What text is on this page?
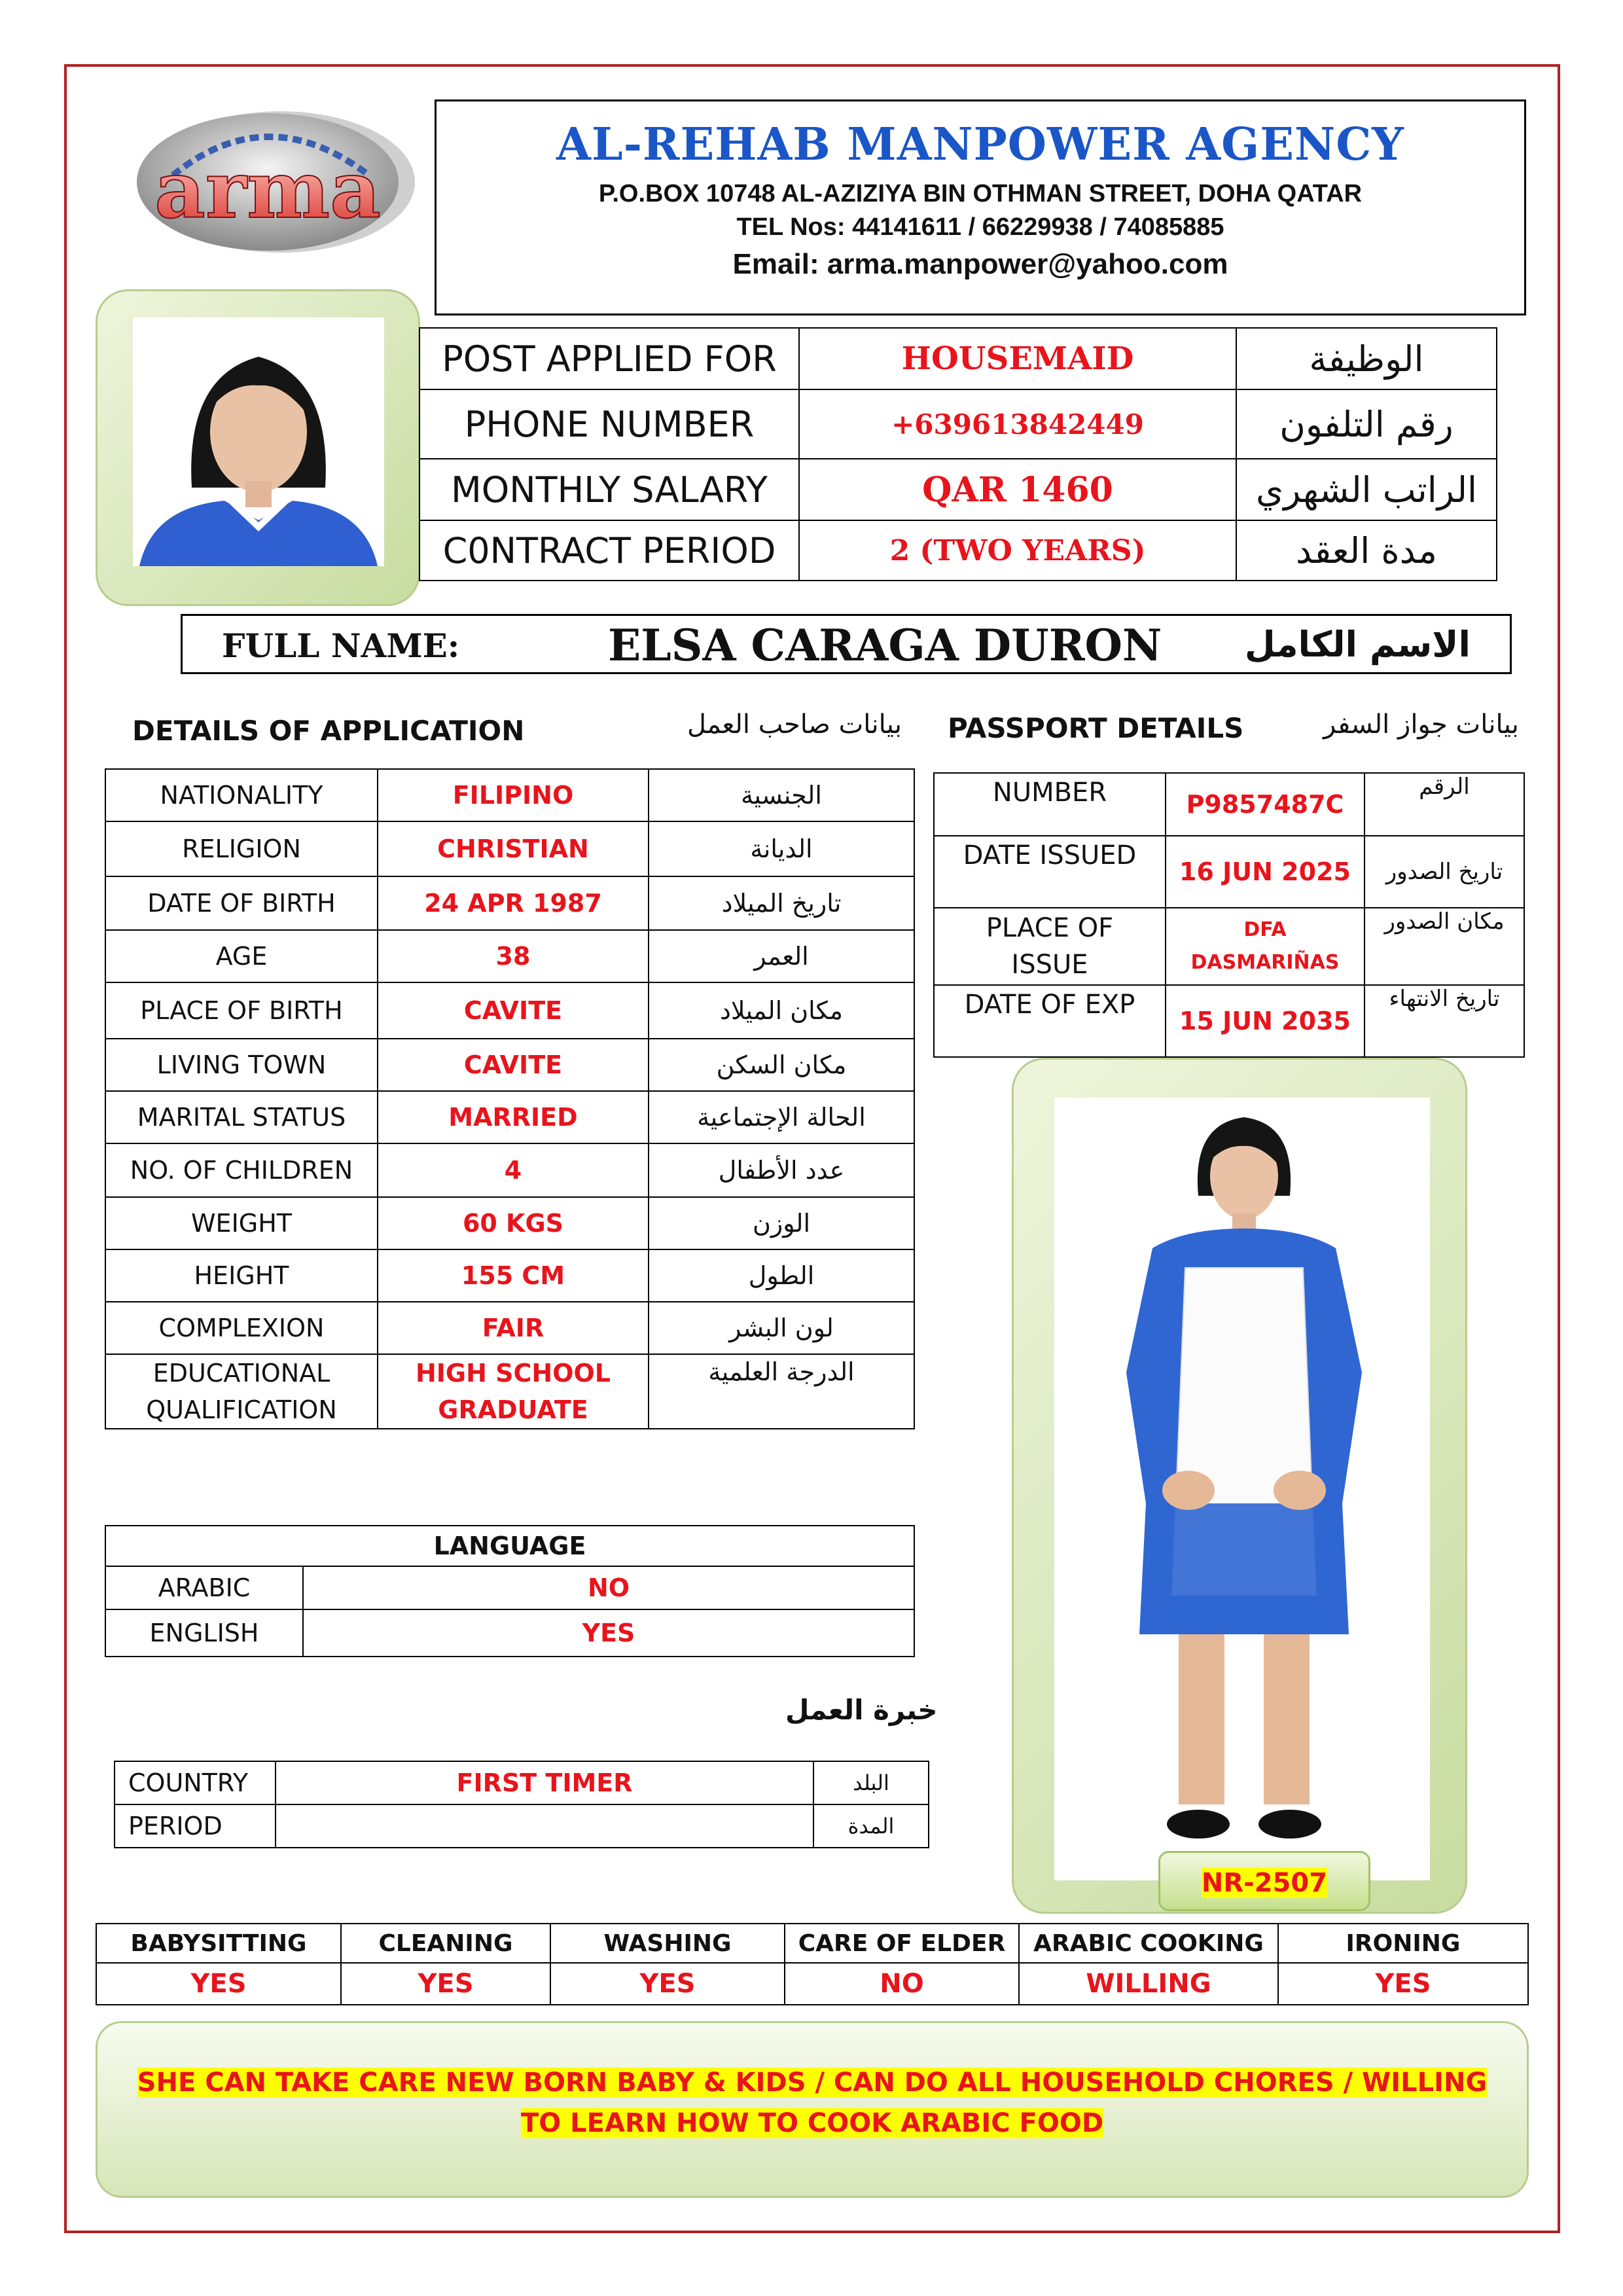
arma	AL-REHAB MANPOWER AGENCY
P.O.BOX 10748 AL-AZIZIYA BIN OTHMAN STREET, DOHA QATAR
TEL Nos: 44141611 / 66229938 / 74085885
Email: arma.manpower@yahoo.com
POST APPLIED FOR	HOUSEMAID	الوظيفة
PHONE NUMBER	+639613842449	رقم التلفون
MONTHLY SALARY	QAR 1460	الراتب الشهري
C0NTRACT PERIOD	2 (TWO YEARS)	مدة العقد
FULL NAME:	ELSA CARAGA DURON الاسم الكامل
DETAILS OF APPLICATION	بيانات صاحب العمل PASSPORT DETAILS	بيانات جواز السفر
NATIONALITY	FILIPINO	الجنسية
RELIGION	CHRISTIAN	الديانة
DATE OF BIRTH	24 APR 1987	تاريخ الميلاد
AGE	38	العمر
PLACE OF BIRTH	CAVITE	مكان الميلاد
LIVING TOWN	CAVITE	مكان السكن
MARITAL STATUS	MARRIED	الحالة الإجتماعية
NO. OF CHILDREN	4	عدد الأطفال
WEIGHT	60 KGS	الوزن
HEIGHT	155 CM	الطول
COMPLEXION	FAIR	لون البشر
EDUCATIONAL QUALIFICATION	HIGH SCHOOL GRADUATE	الدرجة العلمية
NUMBER	P9857487C	الرقم
DATE ISSUED	16 JUN 2025	تاريخ الصدور
PLACE OF ISSUE	DFA DASMARIÑAS	مكان الصدور
DATE OF EXP	15 JUN 2035	تاريخ الانتهاء
LANGUAGE	
ARABIC	NO
ENGLISH	YES
خبرة العمل
COUNTRY	FIRST TIMER	البلد
PERIOD		المدة
NR-2507
BABYSITTING	CLEANING	WASHING	CARE OF ELDER	ARABIC COOKING	IRONING
YES	YES	YES	NO	WILLING	YES
SHE CAN TAKE CARE NEW BORN BABY & KIDS / CAN DO ALL HOUSEHOLD CHORES / WILLING TO LEARN HOW TO COOK ARABIC FOOD
